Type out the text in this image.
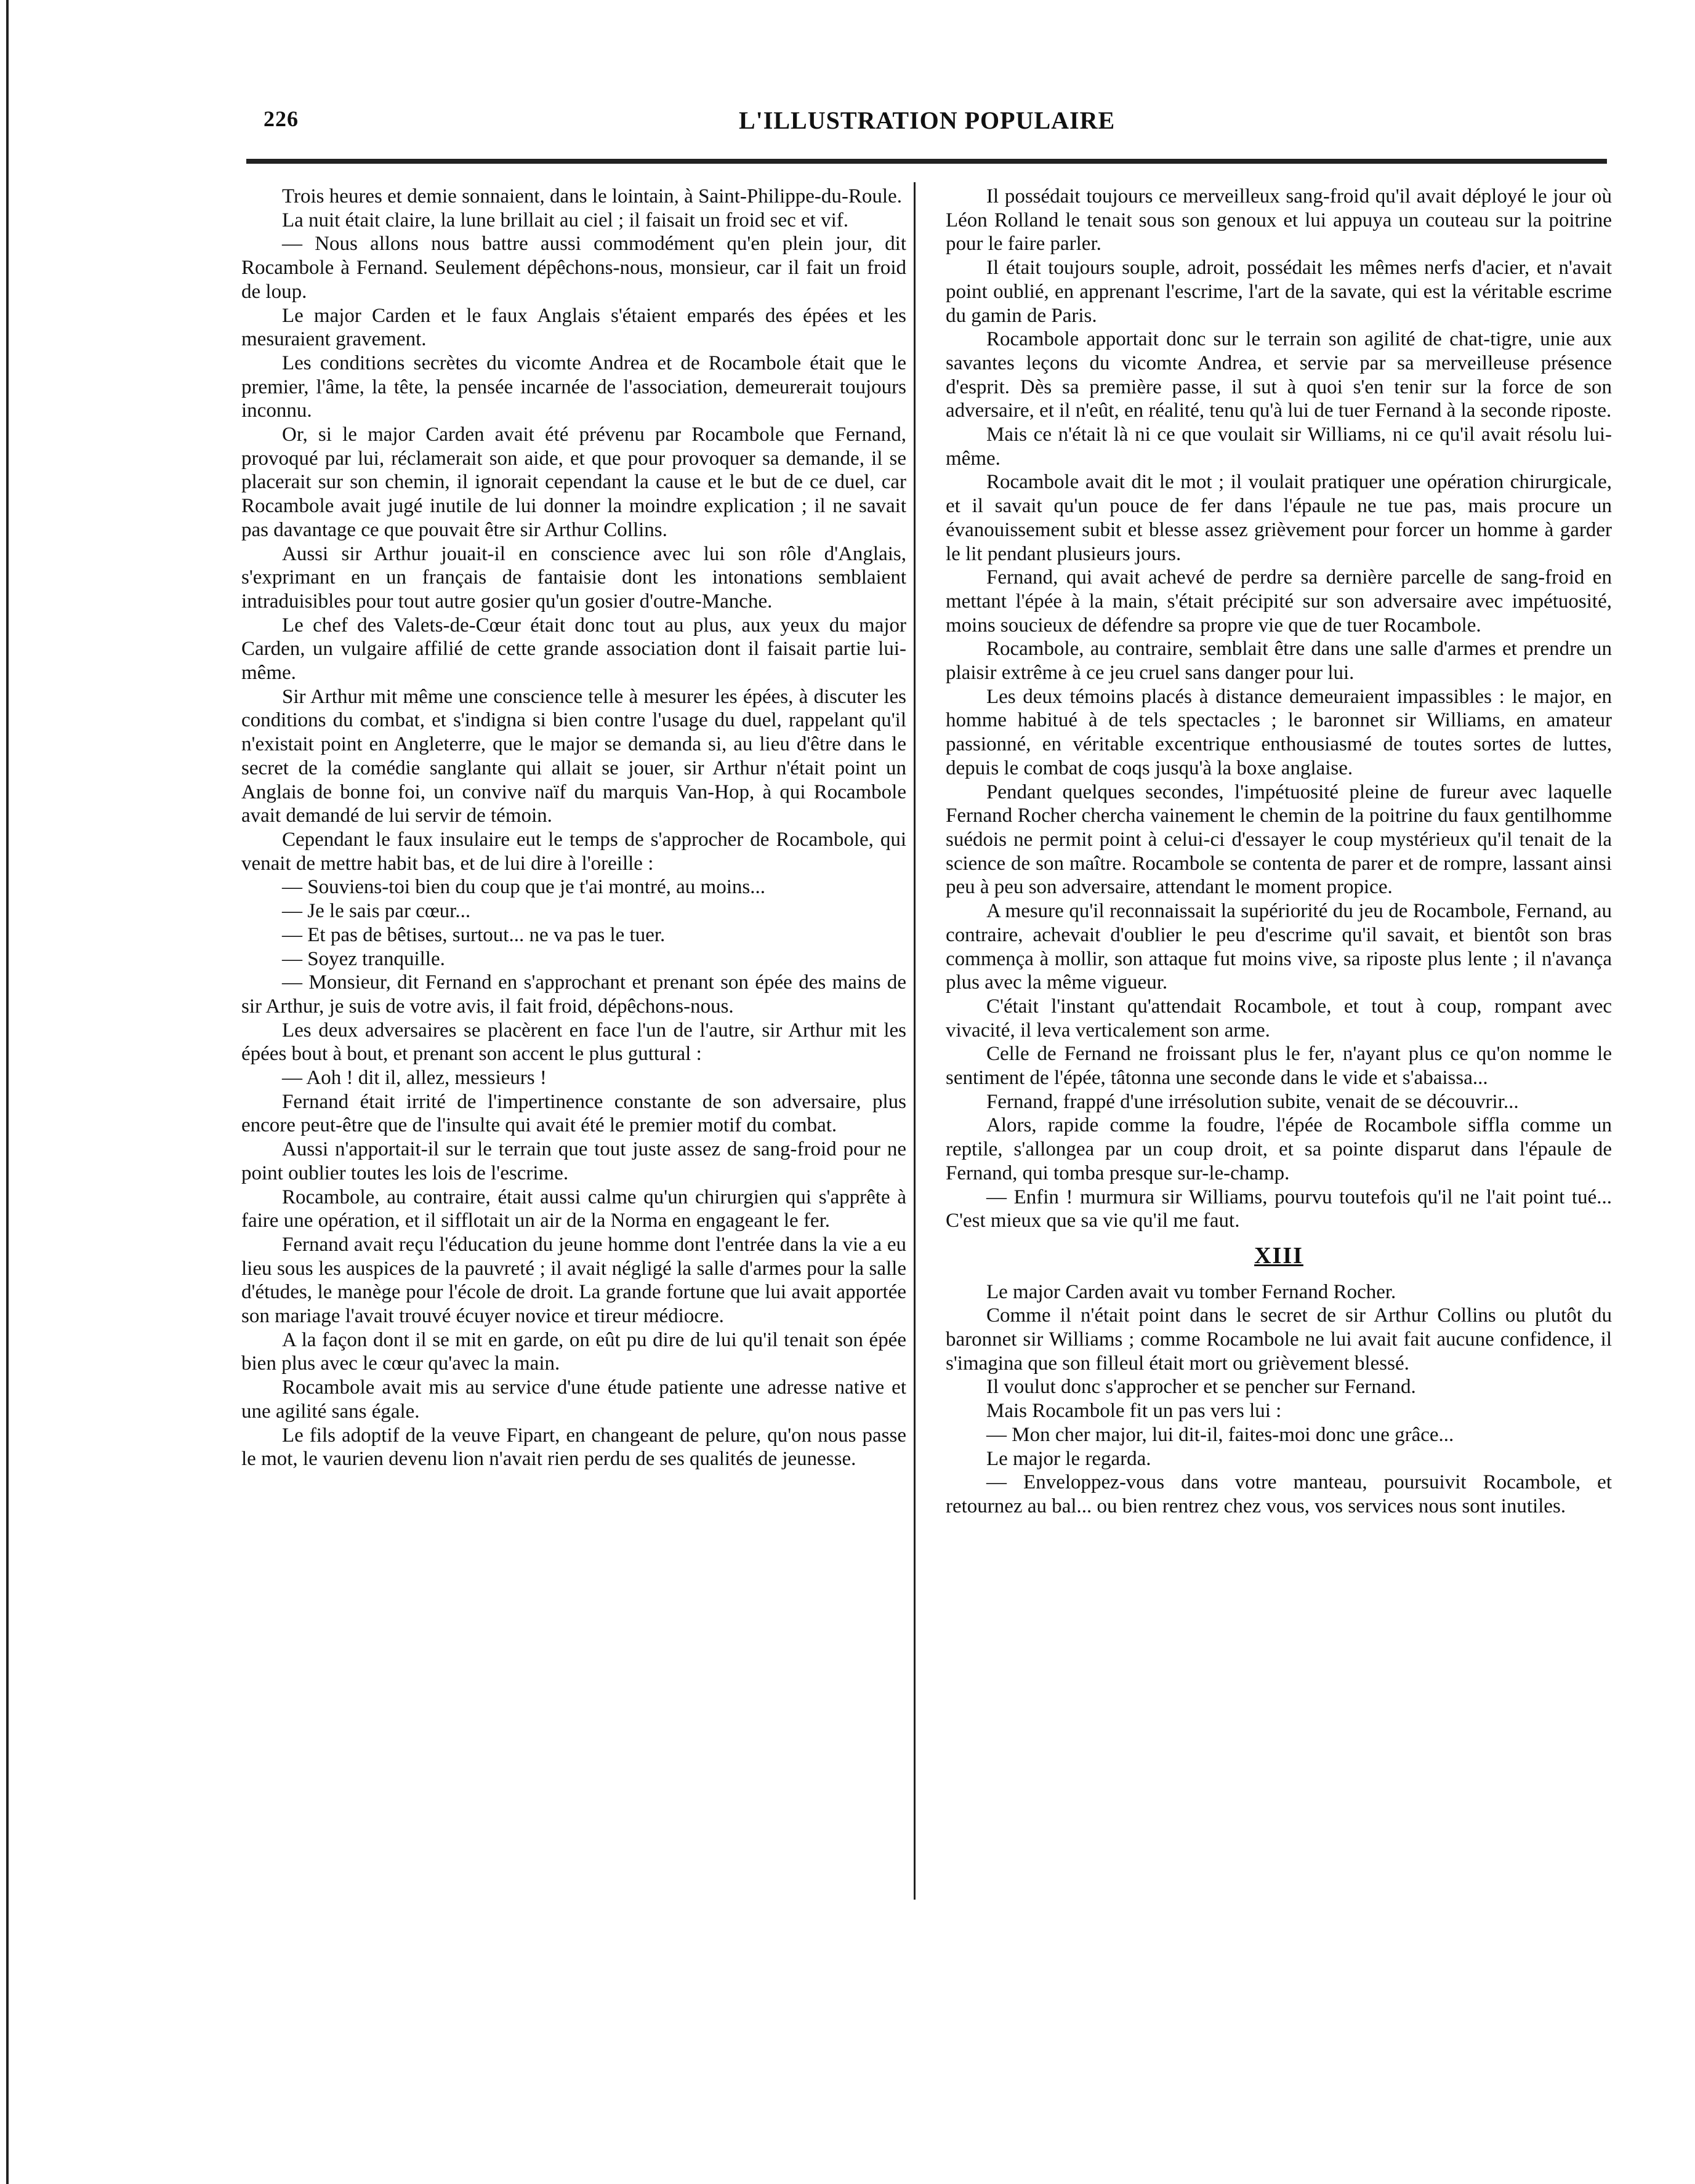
226	L'ILLUSTRATION POPULAIRE

Trois heures et demie sonnaient, dans le lointain, à Saint-Philippe-du-Roule.

La nuit était claire, la lune brillait au ciel ; il faisait un froid sec et vif.

— Nous allons nous battre aussi commodément qu'en plein jour, dit Rocambole à Fernand. Seulement dépêchons-nous, monsieur, car il fait un froid de loup.

Le major Carden et le faux Anglais s'étaient emparés des épées et les mesuraient gravement.

Les conditions secrètes du vicomte Andrea et de Rocambole était que le premier, l'âme, la tête, la pensée incarnée de l'association, demeurerait toujours inconnu.

Or, si le major Carden avait été prévenu par Rocambole que Fernand, provoqué par lui, réclamerait son aide, et que pour provoquer sa demande, il se placerait sur son chemin, il ignorait cependant la cause et le but de ce duel, car Rocambole avait jugé inutile de lui donner la moindre explication ; il ne savait pas davantage ce que pouvait être sir Arthur Collins.

Aussi sir Arthur jouait-il en conscience avec lui son rôle d'Anglais, s'exprimant en un français de fantaisie dont les intonations semblaient intraduisibles pour tout autre gosier qu'un gosier d'outre-Manche.

Le chef des Valets-de-Cœur était donc tout au plus, aux yeux du major Carden, un vulgaire affilié de cette grande association dont il faisait partie lui-même.

Sir Arthur mit même une conscience telle à mesurer les épées, à discuter les conditions du combat, et s'indigna si bien contre l'usage du duel, rappelant qu'il n'existait point en Angleterre, que le major se demanda si, au lieu d'être dans le secret de la comédie sanglante qui allait se jouer, sir Arthur n'était point un Anglais de bonne foi, un convive naïf du marquis Van-Hop, à qui Rocambole avait demandé de lui servir de témoin.

Cependant le faux insulaire eut le temps de s'approcher de Rocambole, qui venait de mettre habit bas, et de lui dire à l'oreille :

— Souviens-toi bien du coup que je t'ai montré, au moins...

— Je le sais par cœur...

— Et pas de bêtises, surtout... ne va pas le tuer.

— Soyez tranquille.

— Monsieur, dit Fernand en s'approchant et prenant son épée des mains de sir Arthur, je suis de votre avis, il fait froid, dépêchons-nous.

Les deux adversaires se placèrent en face l'un de l'autre, sir Arthur mit les épées bout à bout, et prenant son accent le plus guttural :

— Aoh ! dit il, allez, messieurs !

Fernand était irrité de l'impertinence constante de son adversaire, plus encore peut-être que de l'insulte qui avait été le premier motif du combat.

Aussi n'apportait-il sur le terrain que tout juste assez de sang-froid pour ne point oublier toutes les lois de l'escrime.

Rocambole, au contraire, était aussi calme qu'un chirurgien qui s'apprête à faire une opération, et il sifflotait un air de la Norma en engageant le fer.

Fernand avait reçu l'éducation du jeune homme dont l'entrée dans la vie a eu lieu sous les auspices de la pauvreté ; il avait négligé la salle d'armes pour la salle d'études, le manège pour l'école de droit. La grande fortune que lui avait apportée son mariage l'avait trouvé écuyer novice et tireur médiocre.

A la façon dont il se mit en garde, on eût pu dire de lui qu'il tenait son épée bien plus avec le cœur qu'avec la main.

Rocambole avait mis au service d'une étude patiente une adresse native et une agilité sans égale.

Le fils adoptif de la veuve Fipart, en changeant de pelure, qu'on nous passe le mot, le vaurien devenu lion n'avait rien perdu de ses qualités de jeunesse.

Il possédait toujours ce merveilleux sang-froid qu'il avait déployé le jour où Léon Rolland le tenait sous son genoux et lui appuya un couteau sur la poitrine pour le faire parler.

Il était toujours souple, adroit, possédait les mêmes nerfs d'acier, et n'avait point oublié, en apprenant l'escrime, l'art de la savate, qui est la véritable escrime du gamin de Paris.

Rocambole apportait donc sur le terrain son agilité de chat-tigre, unie aux savantes leçons du vicomte Andrea, et servie par sa merveilleuse présence d'esprit. Dès sa première passe, il sut à quoi s'en tenir sur la force de son adversaire, et il n'eût, en réalité, tenu qu'à lui de tuer Fernand à la seconde riposte.

Mais ce n'était là ni ce que voulait sir Williams, ni ce qu'il avait résolu lui-même.

Rocambole avait dit le mot ; il voulait pratiquer une opération chirurgicale, et il savait qu'un pouce de fer dans l'épaule ne tue pas, mais procure un évanouissement subit et blesse assez grièvement pour forcer un homme à garder le lit pendant plusieurs jours.

Fernand, qui avait achevé de perdre sa dernière parcelle de sang-froid en mettant l'épée à la main, s'était précipité sur son adversaire avec impétuosité, moins soucieux de défendre sa propre vie que de tuer Rocambole.

Rocambole, au contraire, semblait être dans une salle d'armes et prendre un plaisir extrême à ce jeu cruel sans danger pour lui.

Les deux témoins placés à distance demeuraient impassibles : le major, en homme habitué à de tels spectacles ; le baronnet sir Williams, en amateur passionné, en véritable excentrique enthousiasmé de toutes sortes de luttes, depuis le combat de coqs jusqu'à la boxe anglaise.

Pendant quelques secondes, l'impétuosité pleine de fureur avec laquelle Fernand Rocher chercha vainement le chemin de la poitrine du faux gentilhomme suédois ne permit point à celui-ci d'essayer le coup mystérieux qu'il tenait de la science de son maître. Rocambole se contenta de parer et de rompre, lassant ainsi peu à peu son adversaire, attendant le moment propice.

A mesure qu'il reconnaissait la supériorité du jeu de Rocambole, Fernand, au contraire, achevait d'oublier le peu d'escrime qu'il savait, et bientôt son bras commença à mollir, son attaque fut moins vive, sa riposte plus lente ; il n'avança plus avec la même vigueur.

C'était l'instant qu'attendait Rocambole, et tout à coup, rompant avec vivacité, il leva verticalement son arme.

Celle de Fernand ne froissant plus le fer, n'ayant plus ce qu'on nomme le sentiment de l'épée, tâtonna une seconde dans le vide et s'abaissa...

Fernand, frappé d'une irrésolution subite, venait de se découvrir...

Alors, rapide comme la foudre, l'épée de Rocambole siffla comme un reptile, s'allongea par un coup droit, et sa pointe disparut dans l'épaule de Fernand, qui tomba presque sur-le-champ.

— Enfin ! murmura sir Williams, pourvu toutefois qu'il ne l'ait point tué... C'est mieux que sa vie qu'il me faut.

XIII

Le major Carden avait vu tomber Fernand Rocher.

Comme il n'était point dans le secret de sir Arthur Collins ou plutôt du baronnet sir Williams ; comme Rocambole ne lui avait fait aucune confidence, il s'imagina que son filleul était mort ou grièvement blessé.

Il voulut donc s'approcher et se pencher sur Fernand.

Mais Rocambole fit un pas vers lui :

— Mon cher major, lui dit-il, faites-moi donc une grâce...

Le major le regarda.

— Enveloppez-vous dans votre manteau, poursuivit Rocambole, et retournez au bal... ou bien rentrez chez vous, vos services nous sont inutiles.
